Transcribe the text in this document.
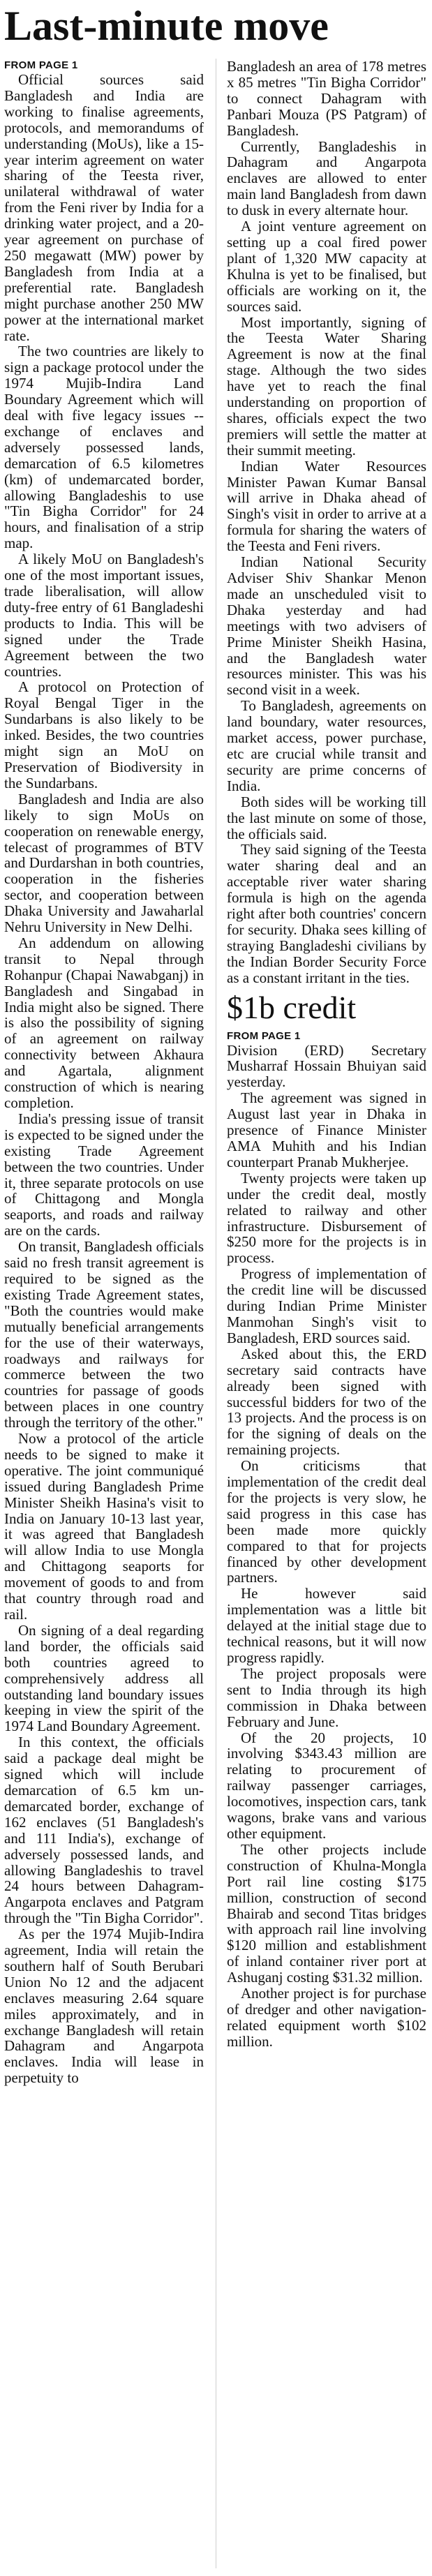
Last-minute move
FROM PAGE 1

Official sources said Bangladesh and India are working to finalise agreements, protocols, and memorandums of understanding (MoUs), like a 15-year interim agreement on water sharing of the Teesta river, unilateral withdrawal of water from the Feni river by India for a drinking water project, and a 20-year agreement on purchase of 250 megawatt (MW) power by Bangladesh from India at a preferential rate. Bangladesh might purchase another 250 MW power at the international market rate.

The two countries are likely to sign a package protocol under the 1974 Mujib-Indira Land Boundary Agreement which will deal with five legacy issues -- exchange of enclaves and adversely possessed lands, demarcation of 6.5 kilometres (km) of undemarcated border, allowing Bangladeshis to use "Tin Bigha Corridor" for 24 hours, and finalisation of a strip map.

A likely MoU on Bangladesh's one of the most important issues, trade liberalisation, will allow duty-free entry of 61 Bangladeshi products to India. This will be signed under the Trade Agreement between the two countries.

A protocol on Protection of Royal Bengal Tiger in the Sundarbans is also likely to be inked. Besides, the two countries might sign an MoU on Preservation of Biodiversity in the Sundarbans.

Bangladesh and India are also likely to sign MoUs on cooperation on renewable energy, telecast of programmes of BTV and Durdarshan in both countries, cooperation in the fisheries sector, and cooperation between Dhaka University and Jawaharlal Nehru University in New Delhi.

An addendum on allowing transit to Nepal through Rohanpur (Chapai Nawabganj) in Bangladesh and Singabad in India might also be signed. There is also the possibility of signing of an agreement on railway connectivity between Akhaura and Agartala, alignment construction of which is nearing completion.

India's pressing issue of transit is expected to be signed under the existing Trade Agreement between the two countries. Under it, three separate protocols on use of Chittagong and Mongla seaports, and roads and railway are on the cards.

On transit, Bangladesh officials said no fresh transit agreement is required to be signed as the existing Trade Agreement states, "Both the countries would make mutually beneficial arrangements for the use of their waterways, roadways and railways for commerce between the two countries for passage of goods between places in one country through the territory of the other."

Now a protocol of the article needs to be signed to make it operative. The joint communiqué issued during Bangladesh Prime Minister Sheikh Hasina's visit to India on January 10-13 last year, it was agreed that Bangladesh will allow India to use Mongla and Chittagong seaports for movement of goods to and from that country through road and rail.

On signing of a deal regarding land border, the officials said both countries agreed to comprehensively address all outstanding land boundary issues keeping in view the spirit of the 1974 Land Boundary Agreement.

In this context, the officials said a package deal might be signed which will include demarcation of 6.5 km un-demarcated border, exchange of 162 enclaves (51 Bangladesh's and 111 India's), exchange of adversely possessed lands, and allowing Bangladeshis to travel 24 hours between Dahagram-Angarpota enclaves and Patgram through the "Tin Bigha Corridor".

As per the 1974 Mujib-Indira agreement, India will retain the southern half of South Berubari Union No 12 and the adjacent enclaves measuring 2.64 square miles approximately, and in exchange Bangladesh will retain Dahagram and Angarpota enclaves. India will lease in perpetuity to

Bangladesh an area of 178 metres x 85 metres "Tin Bigha Corridor" to connect Dahagram with Panbari Mouza (PS Patgram) of Bangladesh.

Currently, Bangladeshis in Dahagram and Angarpota enclaves are allowed to enter main land Bangladesh from dawn to dusk in every alternate hour.

A joint venture agreement on setting up a coal fired power plant of 1,320 MW capacity at Khulna is yet to be finalised, but officials are working on it, the sources said.

Most importantly, signing of the Teesta Water Sharing Agreement is now at the final stage. Although the two sides have yet to reach the final understanding on proportion of shares, officials expect the two premiers will settle the matter at their summit meeting.

Indian Water Resources Minister Pawan Kumar Bansal will arrive in Dhaka ahead of Singh's visit in order to arrive at a formula for sharing the waters of the Teesta and Feni rivers.

Indian National Security Adviser Shiv Shankar Menon made an unscheduled visit to Dhaka yesterday and had meetings with two advisers of Prime Minister Sheikh Hasina, and the Bangladesh water resources minister. This was his second visit in a week.

To Bangladesh, agreements on land boundary, water resources, market access, power purchase, etc are crucial while transit and security are prime concerns of India.

Both sides will be working till the last minute on some of those, the officials said.

They said signing of the Teesta water sharing deal and an acceptable river water sharing formula is high on the agenda right after both countries' concern for security. Dhaka sees killing of straying Bangladeshi civilians by the Indian Border Security Force as a constant irritant in the ties.

$1b credit
FROM PAGE 1

Division (ERD) Secretary Musharraf Hossain Bhuiyan said yesterday.

The agreement was signed in August last year in Dhaka in presence of Finance Minister AMA Muhith and his Indian counterpart Pranab Mukherjee.

Twenty projects were taken up under the credit deal, mostly related to railway and other infrastructure. Disbursement of $250 more for the projects is in process.

Progress of implementation of the credit line will be discussed during Indian Prime Minister Manmohan Singh's visit to Bangladesh, ERD sources said.

Asked about this, the ERD secretary said contracts have already been signed with successful bidders for two of the 13 projects. And the process is on for the signing of deals on the remaining projects.

On criticisms that implementation of the credit deal for the projects is very slow, he said progress in this case has been made more quickly compared to that for projects financed by other development partners.

He however said implementation was a little bit delayed at the initial stage due to technical reasons, but it will now progress rapidly.

The project proposals were sent to India through its high commission in Dhaka between February and June.

Of the 20 projects, 10 involving $343.43 million are relating to procurement of railway passenger carriages, locomotives, inspection cars, tank wagons, brake vans and various other equipment.

The other projects include construction of Khulna-Mongla Port rail line costing $175 million, construction of second Bhairab and second Titas bridges with approach rail line involving $120 million and establishment of inland container river port at Ashuganj costing $31.32 million.

Another project is for purchase of dredger and other navigation-related equipment worth $102 million.
